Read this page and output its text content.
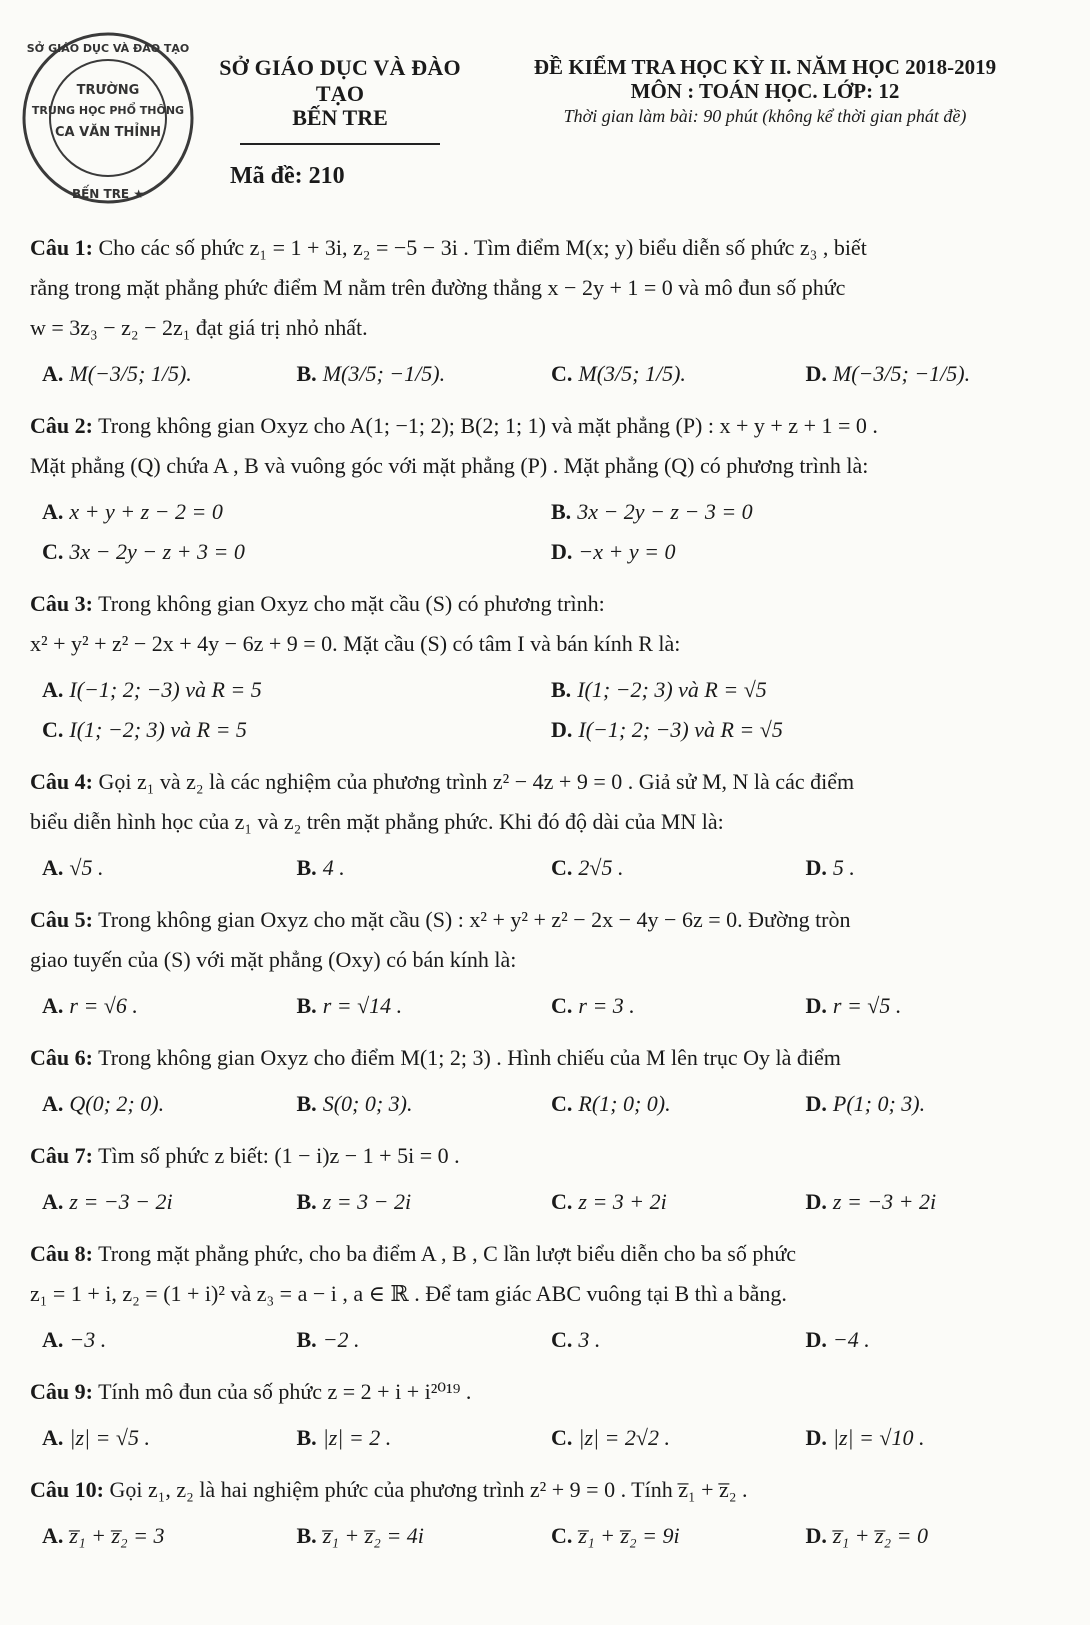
TRƯỜNG
TRUNG HỌC PHỔ THÔNG
CA VĂN THỈNH
SỞ GIÁO DỤC VÀ ĐÀO TẠO
BẾN TRE ★
SỞ GIÁO DỤC VÀ ĐÀO TẠO
BẾN TRE
Mã đề: 210
ĐỀ KIỂM TRA HỌC KỲ II. NĂM HỌC 2018-2019
MÔN : TOÁN HỌC. LỚP: 12
Thời gian làm bài: 90 phút (không kể thời gian phát đề)
Câu 1: Cho các số phức z₁ = 1 + 3i, z₂ = −5 − 3i . Tìm điểm M(x; y) biểu diễn số phức z₃ , biết
rằng trong mặt phẳng phức điểm M nằm trên đường thẳng x − 2y + 1 = 0 và mô đun số phức
w = 3z₃ − z₂ − 2z₁ đạt giá trị nhỏ nhất.
A. M(−3/5; 1/5).	B. M(3/5; −1/5).	C. M(3/5; 1/5).	D. M(−3/5; −1/5).
Câu 2: Trong không gian Oxyz cho A(1; −1; 2); B(2; 1; 1) và mặt phẳng (P) : x + y + z + 1 = 0 .
Mặt phẳng (Q) chứa A , B và vuông góc với mặt phẳng (P) . Mặt phẳng (Q) có phương trình là:
A. x + y + z − 2 = 0	B. 3x − 2y − z − 3 = 0
C. 3x − 2y − z + 3 = 0	D. −x + y = 0
Câu 3: Trong không gian Oxyz cho mặt cầu (S) có phương trình:
x² + y² + z² − 2x + 4y − 6z + 9 = 0. Mặt cầu (S) có tâm I và bán kính R là:
A. I(−1; 2; −3) và R = 5	B. I(1; −2; 3) và R = √5
C. I(1; −2; 3) và R = 5	D. I(−1; 2; −3) và R = √5
Câu 4: Gọi z₁ và z₂ là các nghiệm của phương trình z² − 4z + 9 = 0 . Giả sử M, N là các điểm
biểu diễn hình học của z₁ và z₂ trên mặt phẳng phức. Khi đó độ dài của MN là:
A. √5 .	B. 4 .	C. 2√5 .	D. 5 .
Câu 5: Trong không gian Oxyz cho mặt cầu (S) : x² + y² + z² − 2x − 4y − 6z = 0. Đường tròn
giao tuyến của (S) với mặt phẳng (Oxy) có bán kính là:
A. r = √6 .	B. r = √14 .	C. r = 3 .	D. r = √5 .
Câu 6: Trong không gian Oxyz cho điểm M(1; 2; 3) . Hình chiếu của M lên trục Oy là điểm
A. Q(0; 2; 0).	B. S(0; 0; 3).	C. R(1; 0; 0).	D. P(1; 0; 3).
Câu 7: Tìm số phức z biết: (1 − i)z − 1 + 5i = 0 .
A. z = −3 − 2i	B. z = 3 − 2i	C. z = 3 + 2i	D. z = −3 + 2i
Câu 8: Trong mặt phẳng phức, cho ba điểm A , B , C lần lượt biểu diễn cho ba số phức
z₁ = 1 + i, z₂ = (1 + i)² và z₃ = a − i , a ∈ ℝ . Để tam giác ABC vuông tại B thì a bằng.
A. −3 .	B. −2 .	C. 3 .	D. −4 .
Câu 9: Tính mô đun của số phức z = 2 + i + i²⁰¹⁹ .
A. |z| = √5 .	B. |z| = 2 .	C. |z| = 2√2 .	D. |z| = √10 .
Câu 10: Gọi z₁, z₂ là hai nghiệm phức của phương trình z² + 9 = 0 . Tính z̅₁ + z̅₂ .
A. z̅₁ + z̅₂ = 3	B. z̅₁ + z̅₂ = 4i	C. z̅₁ + z̅₂ = 9i	D. z̅₁ + z̅₂ = 0
